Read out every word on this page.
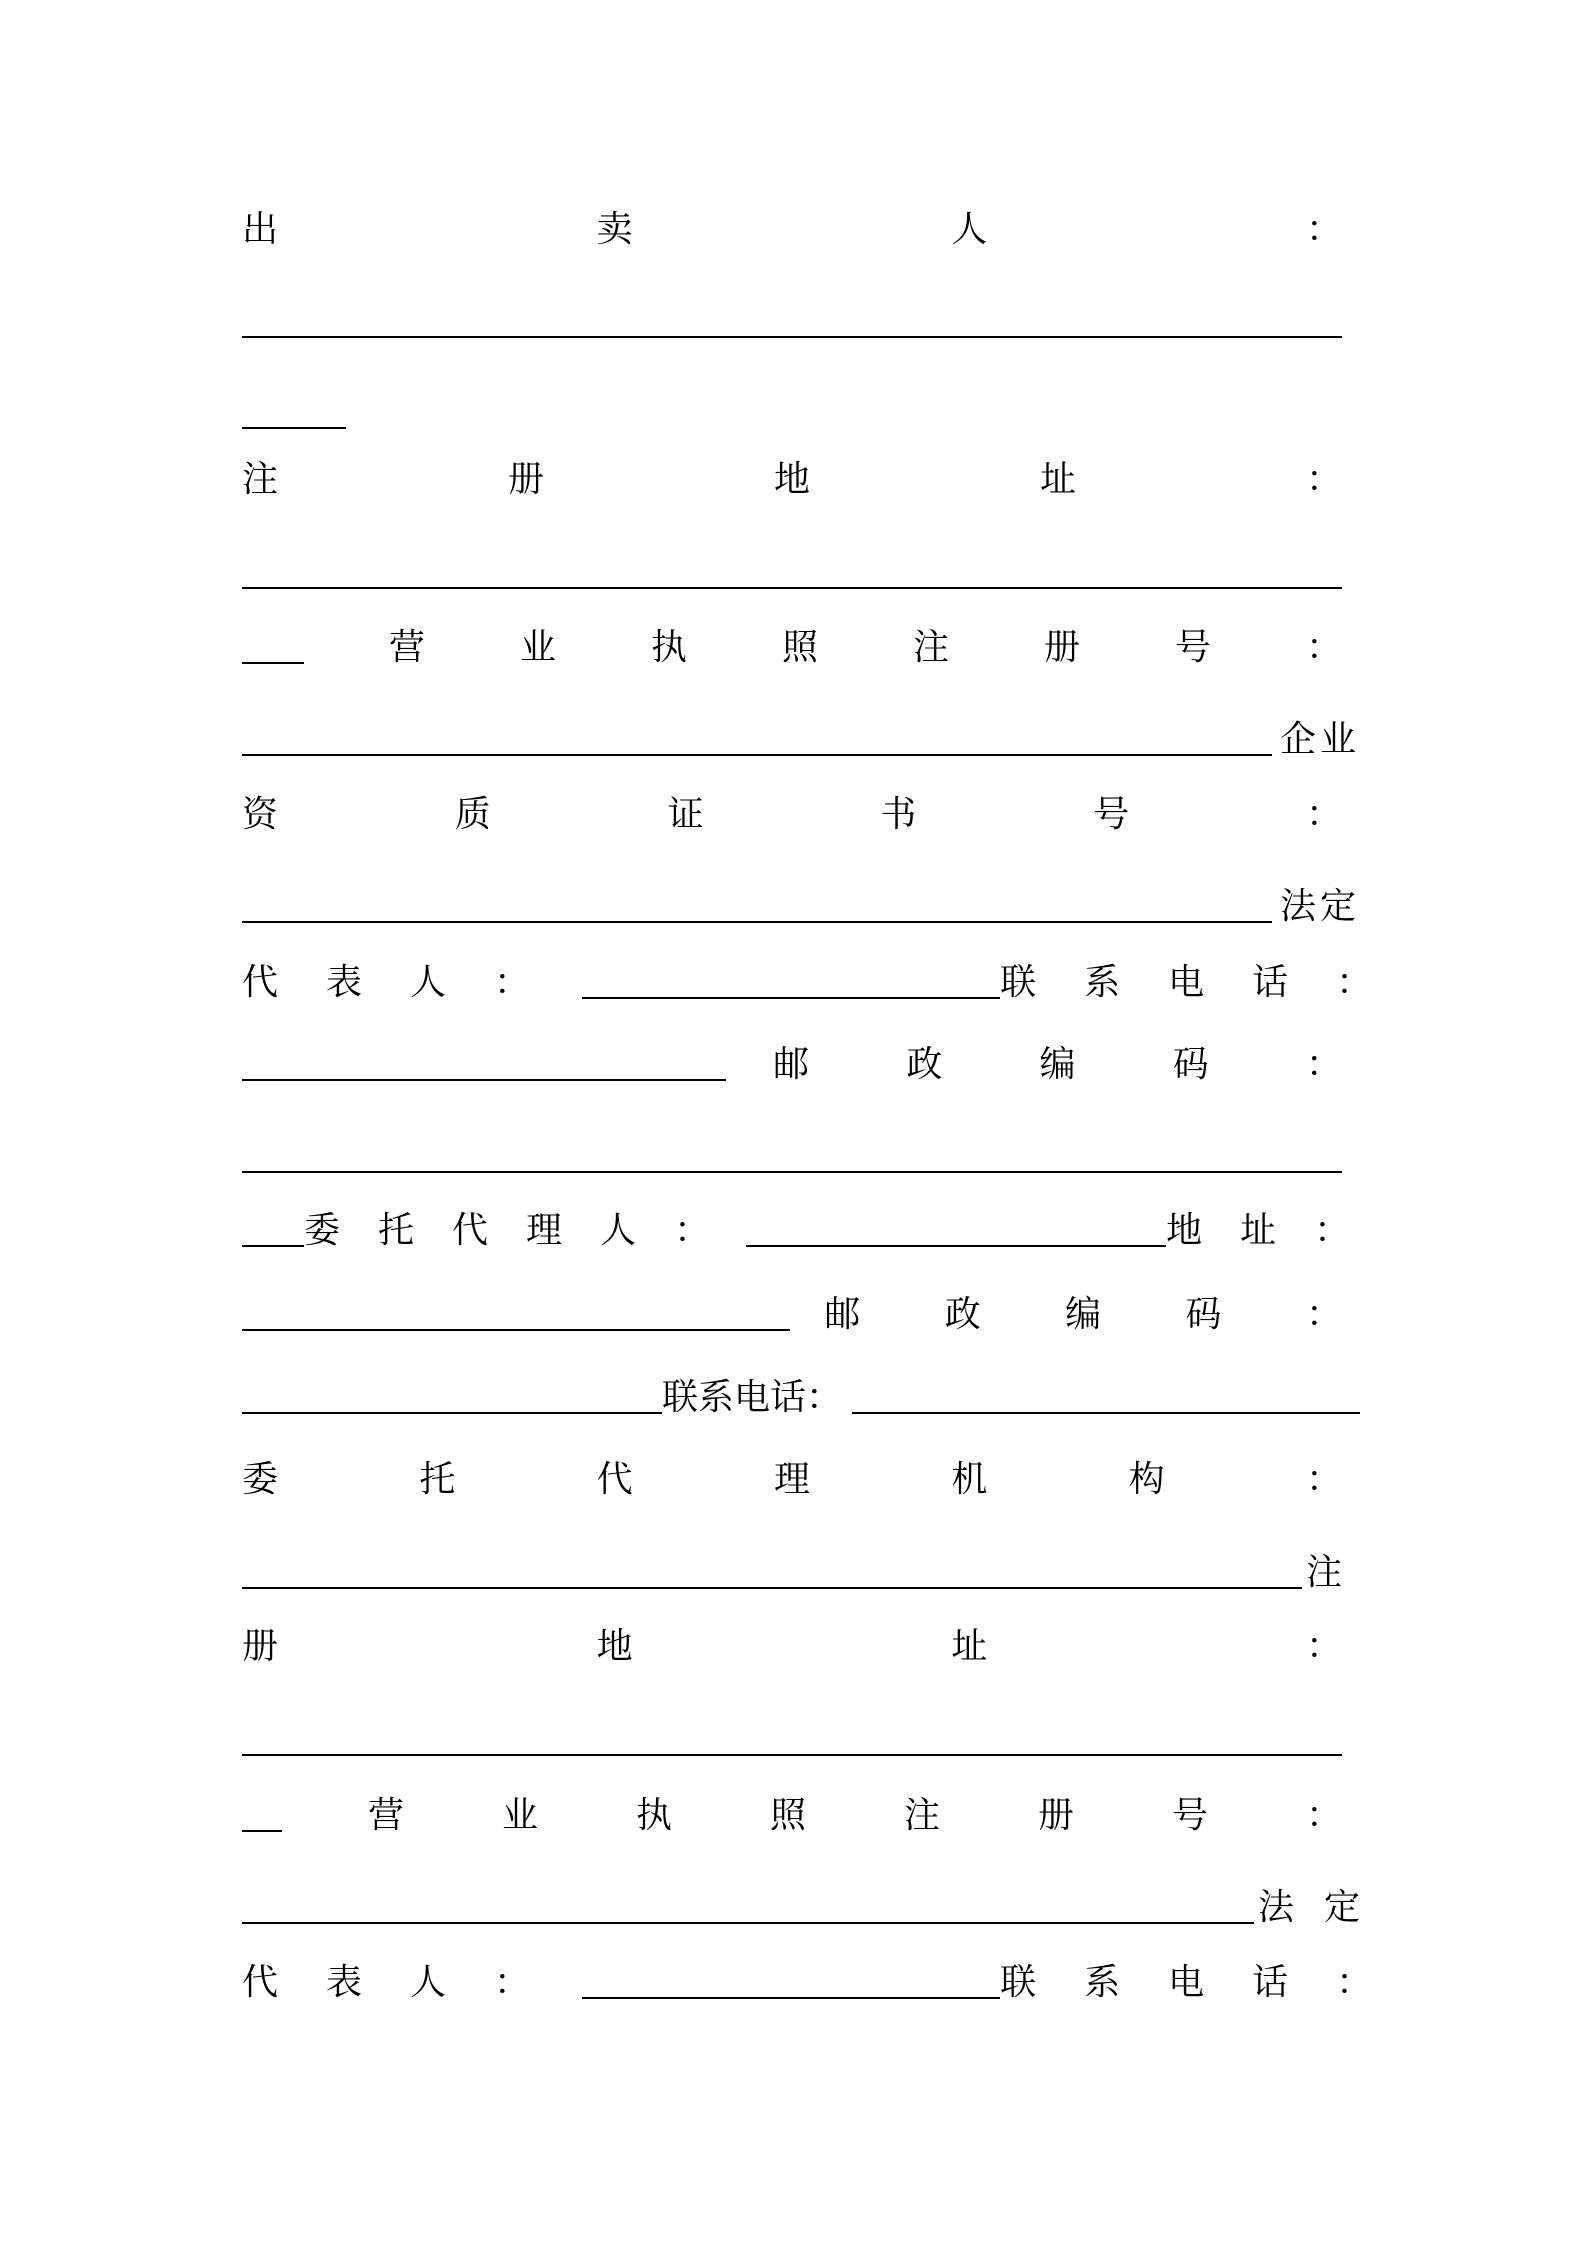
出	卖	人	：
注	册	地	址	：
营	业	执	照	注	册	号	：
企业
资	质	证	书	号	：
法定
代 表 人 ：	联 系 电 话 ：
邮	政	编	码	：
委 托 代 理 人 ：	地 址 ：
邮 政 编 码 ：
联系电话：
委	托	代	理	机	构	：
注
册	地	址	：
营	业	执	照	注	册	号	：
法 定
代 表 人 ：	联 系 电 话 ：
